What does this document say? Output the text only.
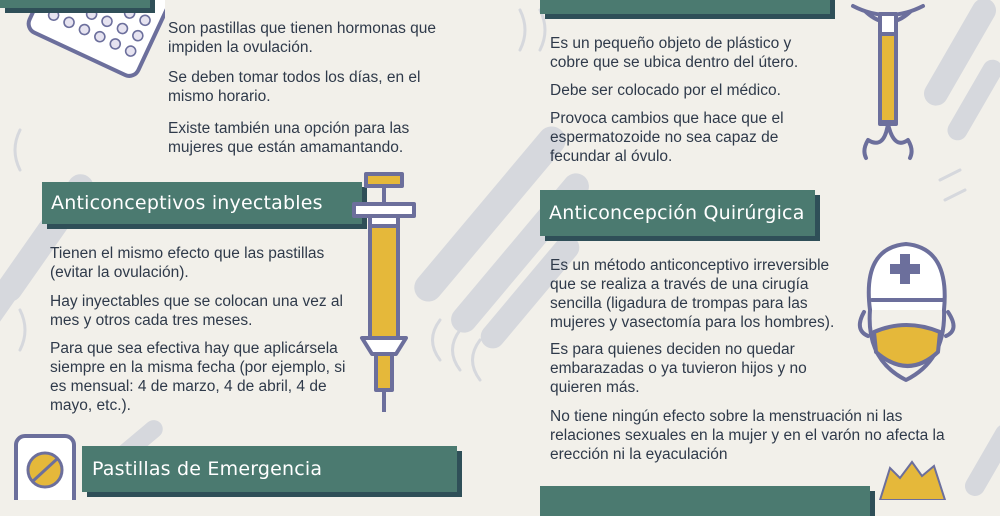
Son pastillas que tienen hormonas que impiden la ovulación.

Se deben tomar todos los días, en el mismo horario.

Existe también una opción para las mujeres que están amamantando.

Anticonceptivos inyectables

Tienen el mismo efecto que las pastillas (evitar la ovulación).

Hay inyectables que se colocan una vez al mes y otros cada tres meses.

Para que sea efectiva hay que aplicársela siempre en la misma fecha (por ejemplo, si es mensual: 4 de marzo, 4 de abril, 4 de mayo, etc.).

Pastillas de Emergencia

Es un pequeño objeto de plástico y cobre que se ubica dentro del útero.

Debe ser colocado por el médico.

Provoca cambios que hace que el espermatozoide no sea capaz de fecundar al óvulo.

Anticoncepción Quirúrgica

Es un método anticonceptivo irreversible que se realiza a través de una cirugía sencilla (ligadura de trompas para las mujeres y vasectomía para los hombres).

Es para quienes deciden no quedar embarazadas o ya tuvieron hijos y no quieren más.

No tiene ningún efecto sobre la menstruación ni las relaciones sexuales en la mujer y en el varón no afecta la erección ni la eyaculación
